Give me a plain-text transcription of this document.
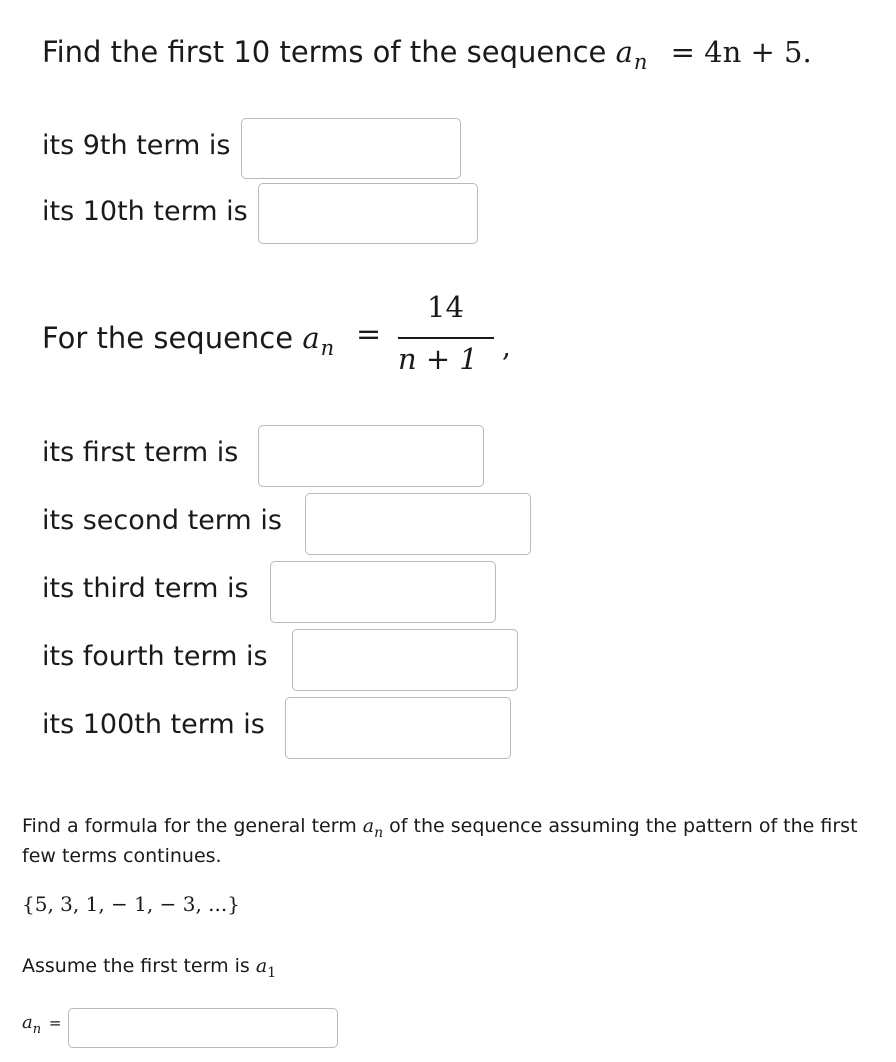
Find the first 10 terms of the sequence $a_n = 4n + 5$.
its 9th term is
its 10th term is
For the sequence $a_n$ =
14
n + 1 ,
its first term is
its second term is
its third term is
its fourth term is
its 100th term is
Find a formula for the general term $a_n$ of the sequence assuming the pattern of the first few terms continues.
{5, 3, 1, − 1, − 3, ...}
Assume the first term is $a_1$
$a_n$ =
